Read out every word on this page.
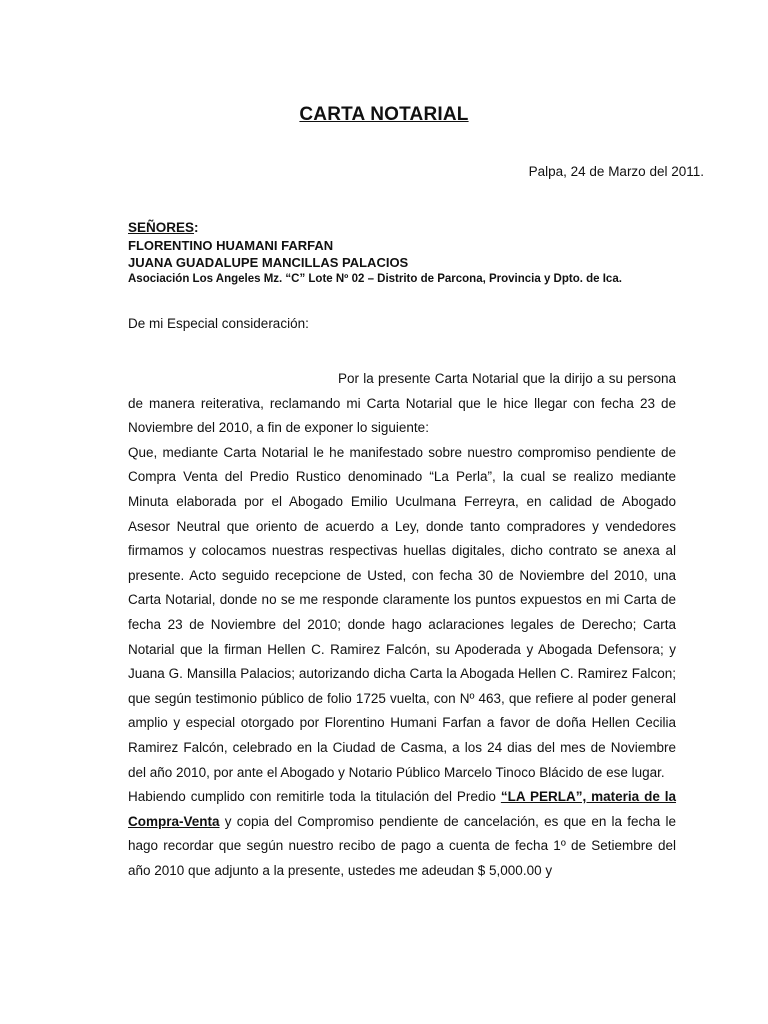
CARTA NOTARIAL
Palpa, 24 de Marzo del 2011.
SEÑORES:
FLORENTINO HUAMANI FARFAN
JUANA GUADALUPE MANCILLAS PALACIOS
Asociación Los Angeles Mz. “C” Lote Nº 02 – Distrito de Parcona, Provincia y Dpto. de Ica.
De mi Especial consideración:

Por la presente Carta Notarial que la dirijo a su persona de manera reiterativa, reclamando mi Carta Notarial que le hice llegar con fecha 23 de Noviembre del 2010, a fin de exponer lo siguiente:

Que, mediante Carta Notarial le he manifestado sobre nuestro compromiso pendiente de Compra Venta del Predio Rustico denominado “La Perla”, la cual se realizo mediante Minuta elaborada por el Abogado Emilio Uculmana Ferreyra, en calidad de Abogado Asesor Neutral que oriento de acuerdo a Ley, donde tanto compradores y vendedores firmamos y colocamos nuestras respectivas huellas digitales, dicho contrato se anexa al presente. Acto seguido recepcione de Usted, con fecha 30 de Noviembre del 2010, una Carta Notarial, donde no se me responde claramente los puntos expuestos en mi Carta de fecha 23 de Noviembre del 2010; donde hago aclaraciones legales de Derecho; Carta Notarial que la firman Hellen C. Ramirez Falcón, su Apoderada y Abogada Defensora; y Juana G. Mansilla Palacios; autorizando dicha Carta la Abogada Hellen C. Ramirez Falcon; que según testimonio público de folio 1725 vuelta, con Nº 463, que refiere al poder general amplio y especial otorgado por Florentino Humani Farfan a favor de doña Hellen Cecilia Ramirez Falcón, celebrado en la Ciudad de Casma, a los 24 dias del mes de Noviembre del año 2010, por ante el Abogado y Notario Público Marcelo Tinoco Blácido de ese lugar.

Habiendo cumplido con remitirle toda la titulación del Predio “LA PERLA”, materia de la Compra-Venta y copia del Compromiso pendiente de cancelación, es que en la fecha le hago recordar que según nuestro recibo de pago a cuenta de fecha 1º de Setiembre del año 2010 que adjunto a la presente, ustedes me adeudan $ 5,000.00 y
